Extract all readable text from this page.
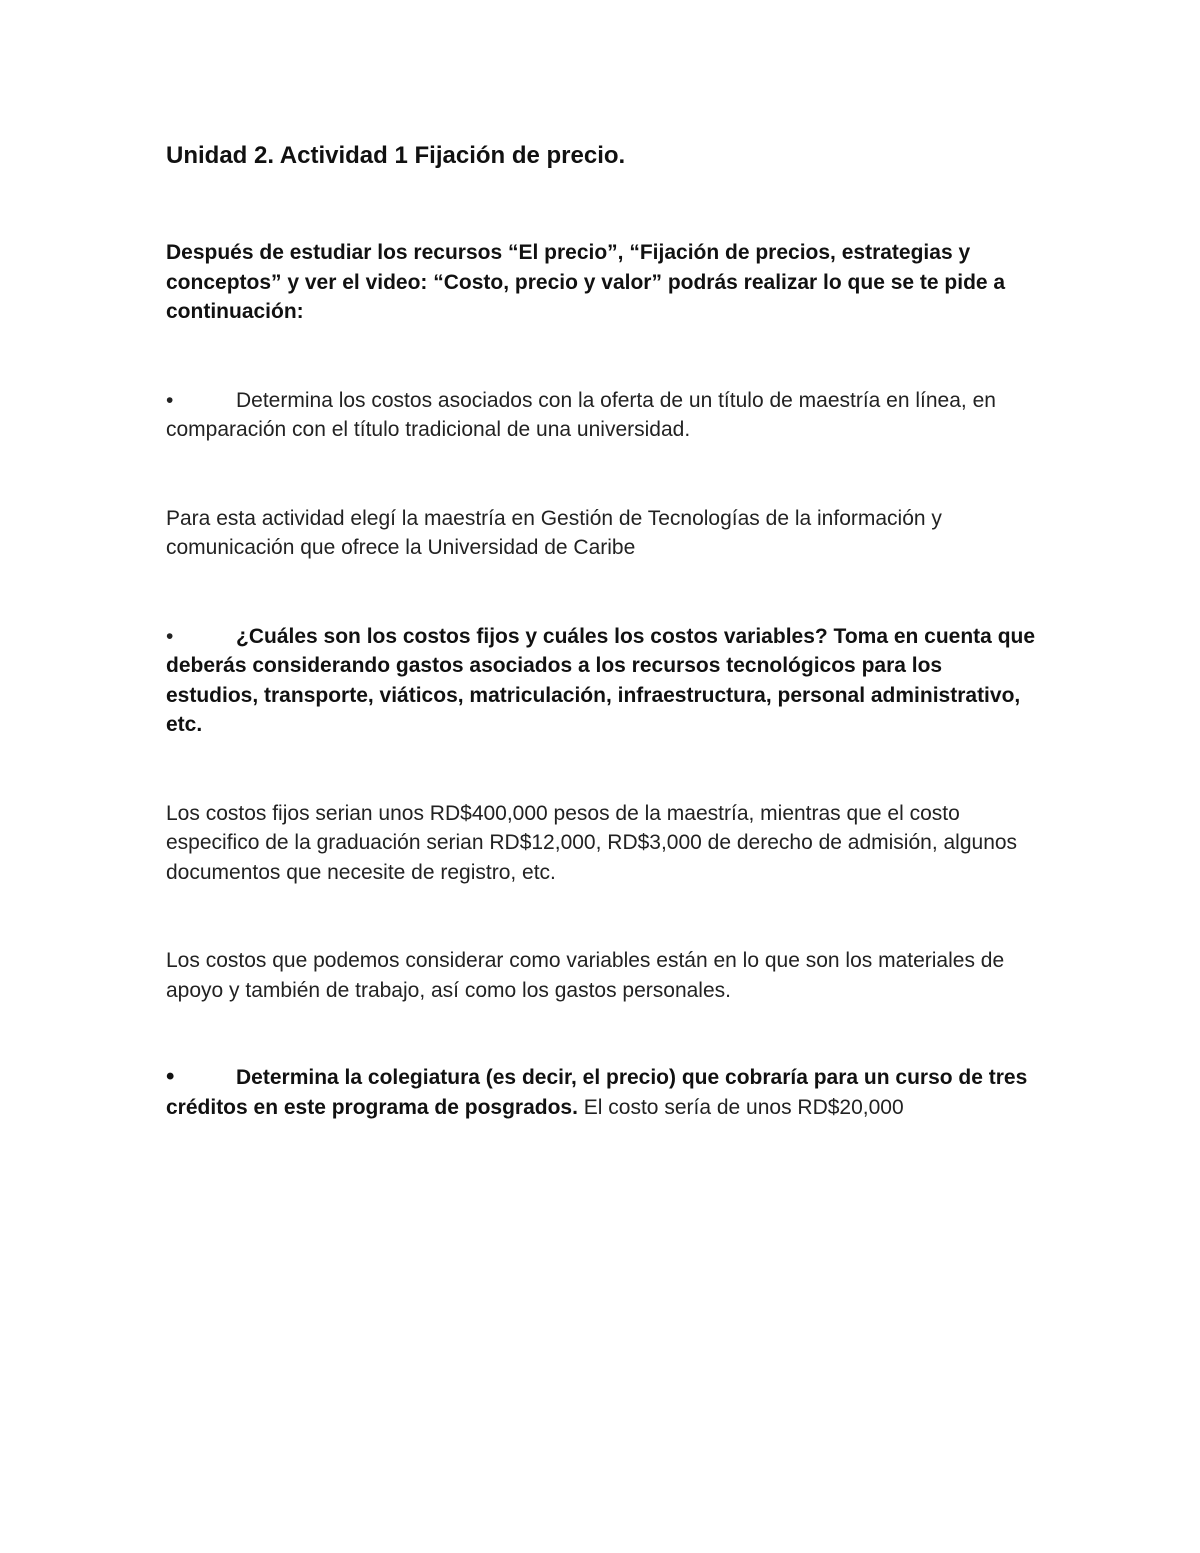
Unidad 2. Actividad 1 Fijación de precio.

Después de estudiar los recursos “El precio”, “Fijación de precios, estrategias y conceptos” y ver el video: “Costo, precio y valor” podrás realizar lo que se te pide a continuación:

•	Determina los costos asociados con la oferta de un título de maestría en línea, en comparación con el título tradicional de una universidad.

Para esta actividad elegí la maestría en Gestión de Tecnologías de la información y comunicación que ofrece la Universidad de Caribe

•	¿Cuáles son los costos fijos y cuáles los costos variables? Toma en cuenta que deberás considerando gastos asociados a los recursos tecnológicos para los estudios, transporte, viáticos, matriculación, infraestructura, personal administrativo, etc.

Los costos fijos serian unos RD$400,000 pesos de la maestría, mientras que el costo especifico de la graduación serian RD$12,000, RD$3,000 de derecho de admisión, algunos documentos que necesite de registro, etc.

Los costos que podemos considerar como variables están en lo que son los materiales de apoyo y también de trabajo, así como los gastos personales.

•	Determina la colegiatura (es decir, el precio) que cobraría para un curso de tres créditos en este programa de posgrados. El costo sería de unos RD$20,000
